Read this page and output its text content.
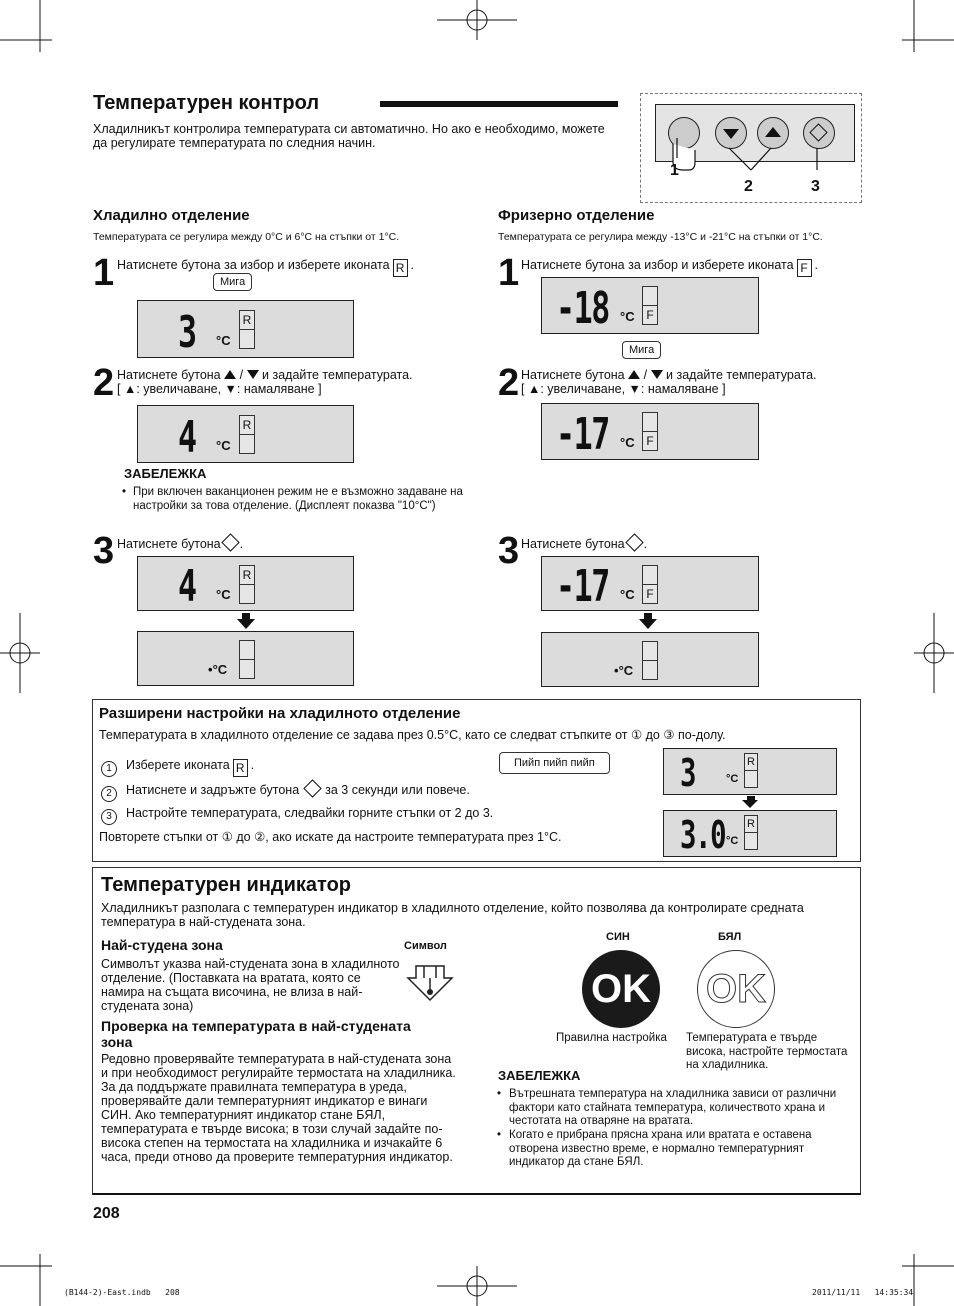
Температурен контрол
Хладилникът контролира температурата си автоматично. Но ако е необходимо, можете да регулирате температурата по следния начин.
1
2	3
Хладилно отделение
Температурата се регулира между 0°C и 6°C на стъпки от 1°C.
1 Натиснете бутона за избор и изберете иконата R .
Мига
3 °C
R
2 Натиснете бутона  /  и задайте температурата.
[ ▲: увеличаване, ▼: намаляване ]
4 °C
R
ЗАБЕЛЕЖКА
• При включен ваканционен режим не е възможно задаване на настройки за това отделение. (Дисплеят показва "10°C")
3 Натиснете бутона .
4 °C
R
•°C
Фризерно отделение
Температурата се регулира между -13°C и -21°C на стъпки от 1°C.
1 Натиснете бутона за избор и изберете иконата F .
-18 °C F
Мига
2 Натиснете бутона  /  и задайте температурата.
[ ▲: увеличаване, ▼: намаляване ]
-17 °C F
3 Натиснете бутона .
-17 °C F
•°C
Разширени настройки на хладилното отделение
Температурата в хладилното отделение се задава през 0.5°C, като се следват стъпките от ① до ③ по-долу.
1 Изберете иконата R .
2 Натиснете и задръжте бутона за 3 секунди или повече.
3 Настройте температурата, следвайки горните стъпки от 2 до 3.
Повторете стъпки от ① до ②, ако искате да настроите температурата през 1°C.
Пийп пийп пийп	3	°C
R
3.0 °C
R
Температурен индикатор
Хладилникът разполага с температурен индикатор в хладилното отделение, който позволява да контролирате средната температура в най-студената зона.
Най-студена зона
Символът указва най-студената зона в хладилното отделение. (Поставката на вратата, която се намира на същата височина, не влиза в най-студената зона)
Символ
Проверка на температурата в най-студената зона
Редовно проверявайте температурата в най-студената зона и при необходимост регулирайте термостата на хладилника. За да поддържате правилната температура в уреда, проверявайте дали температурният индикатор е винаги СИН. Ако температурният индикатор стане БЯЛ, температурата е твърде висока; в този случай задайте по-висока степен на термостата на хладилника и изчакайте 6 часа, преди отново да проверите температурния индикатор.
СИН	БЯЛ
OK OK
Правилна настройка Температурата е твърде висока, настройте термостата на хладилника.
ЗАБЕЛЕЖКА
• Вътрешната температура на хладилника зависи от различни фактори като стайната температура, количеството храна и честотата на отваряне на вратата.
• Когато е прибрана прясна храна или вратата е оставена отворена известно време, е нормално температурният индикатор да стане БЯЛ.
208
(B144-2)-East.indb   208	2011/11/11   14:35:34
